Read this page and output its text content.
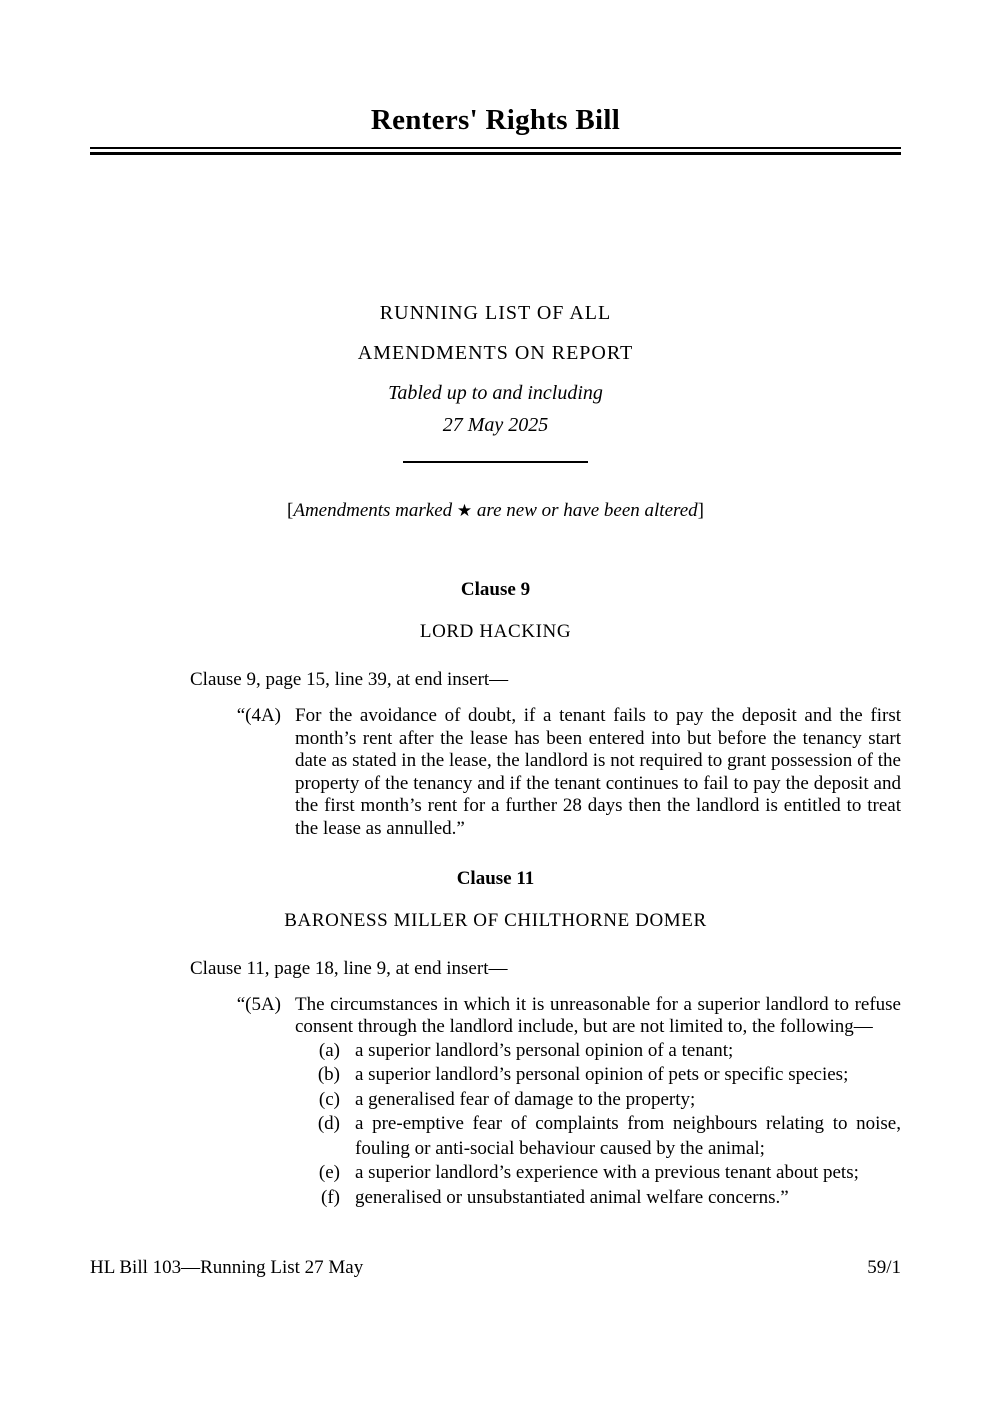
Renters' Rights Bill
RUNNING LIST OF ALL
AMENDMENTS ON REPORT
Tabled up to and including
27 May 2025
[Amendments marked ★ are new or have been altered]
Clause 9
LORD HACKING

Clause 9, page 15, line 39, at end insert—

“(4A) For the avoidance of doubt, if a tenant fails to pay the deposit and the first month’s rent after the lease has been entered into but before the tenancy start date as stated in the lease, the landlord is not required to grant possession of the property of the tenancy and if the tenant continues to fail to pay the deposit and the first month’s rent for a further 28 days then the landlord is entitled to treat the lease as annulled.”

Clause 11
BARONESS MILLER OF CHILTHORNE DOMER

Clause 11, page 18, line 9, at end insert—

“(5A) The circumstances in which it is unreasonable for a superior landlord to refuse consent through the landlord include, but are not limited to, the following—

(a) a superior landlord’s personal opinion of a tenant;
(b) a superior landlord’s personal opinion of pets or specific species;
(c) a generalised fear of damage to the property;
(d) a pre-emptive fear of complaints from neighbours relating to noise, fouling or anti-social behaviour caused by the animal;
(e) a superior landlord’s experience with a previous tenant about pets;
(f) generalised or unsubstantiated animal welfare concerns.”
HL Bill 103—Running List 27 May	59/1
